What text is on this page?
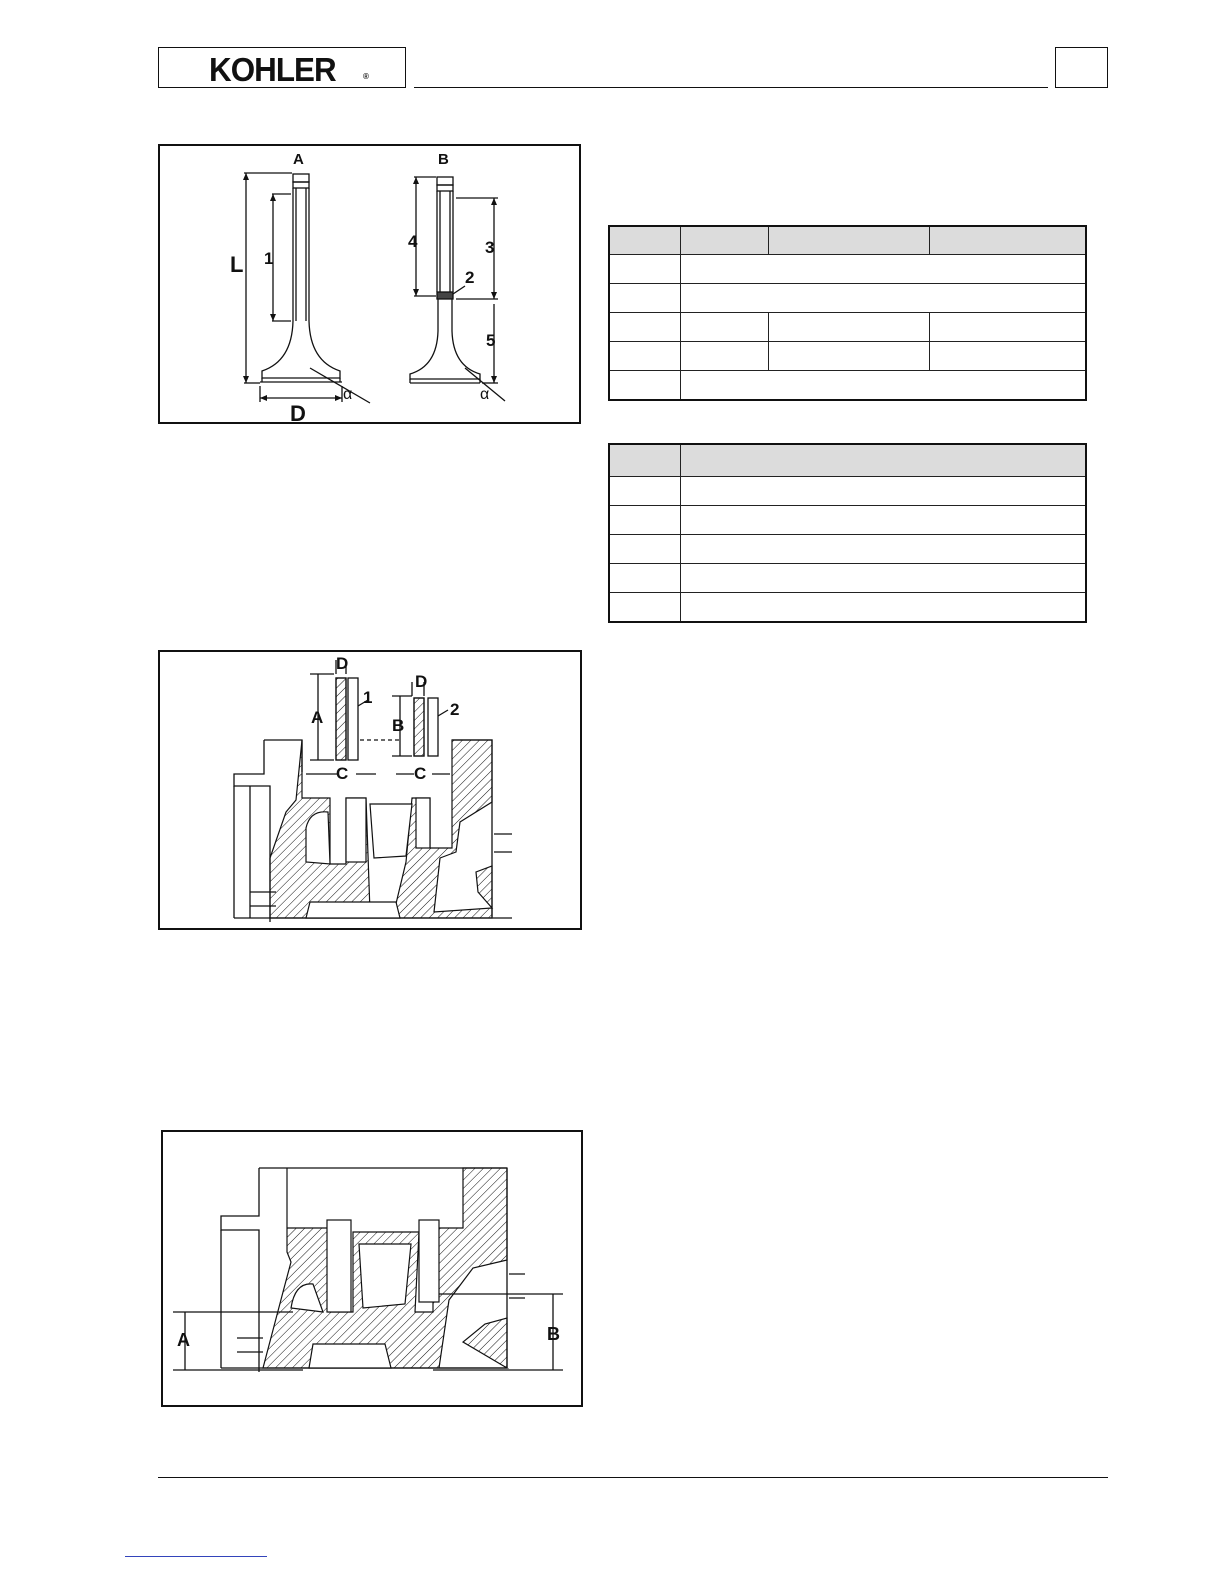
KOHLER	®
A	B
L
D
α	α
1
2
3
4
5

A	B
C	C
D
D
1
2
A	B
